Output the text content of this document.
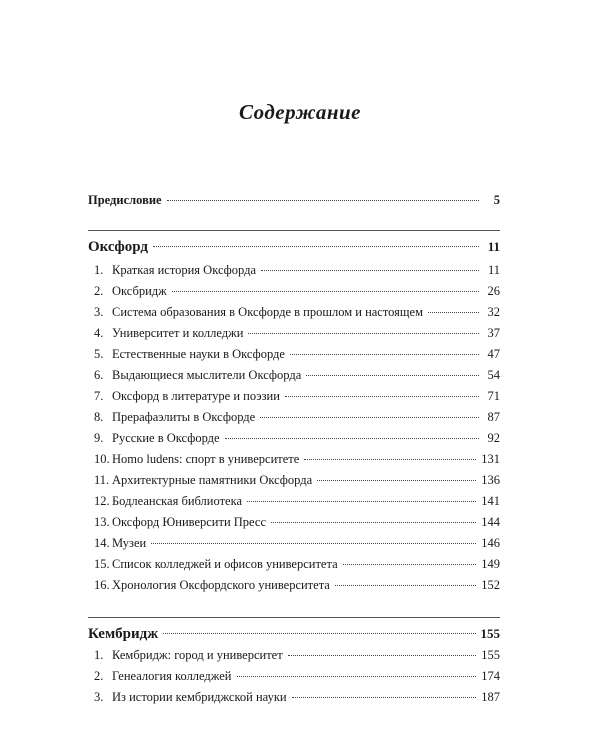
Содержание
Предисловие	5
Оксфорд	11
1. Краткая история Оксфорда	11
2. Оксбридж	26
3. Система образования в Оксфорде в прошлом и настоящем	32
4. Университет и колледжи	37
5. Естественные науки в Оксфорде	47
6. Выдающиеся мыслители Оксфорда	54
7. Оксфорд в литературе и поэзии	71
8. Прерафаэлиты в Оксфорде	87
9. Русские в Оксфорде	92
10. Homo ludens: спорт в университете	131
11. Архитектурные памятники Оксфорда	136
12. Бодлеанская библиотека	141
13. Оксфорд Юниверсити Пресс	144
14. Музеи	146
15. Список колледжей и офисов университета	149
16. Хронология Оксфордского университета	152
Кембридж	155
1. Кембридж: город и университет	155
2. Генеалогия колледжей	174
3. Из истории кембриджской науки	187
